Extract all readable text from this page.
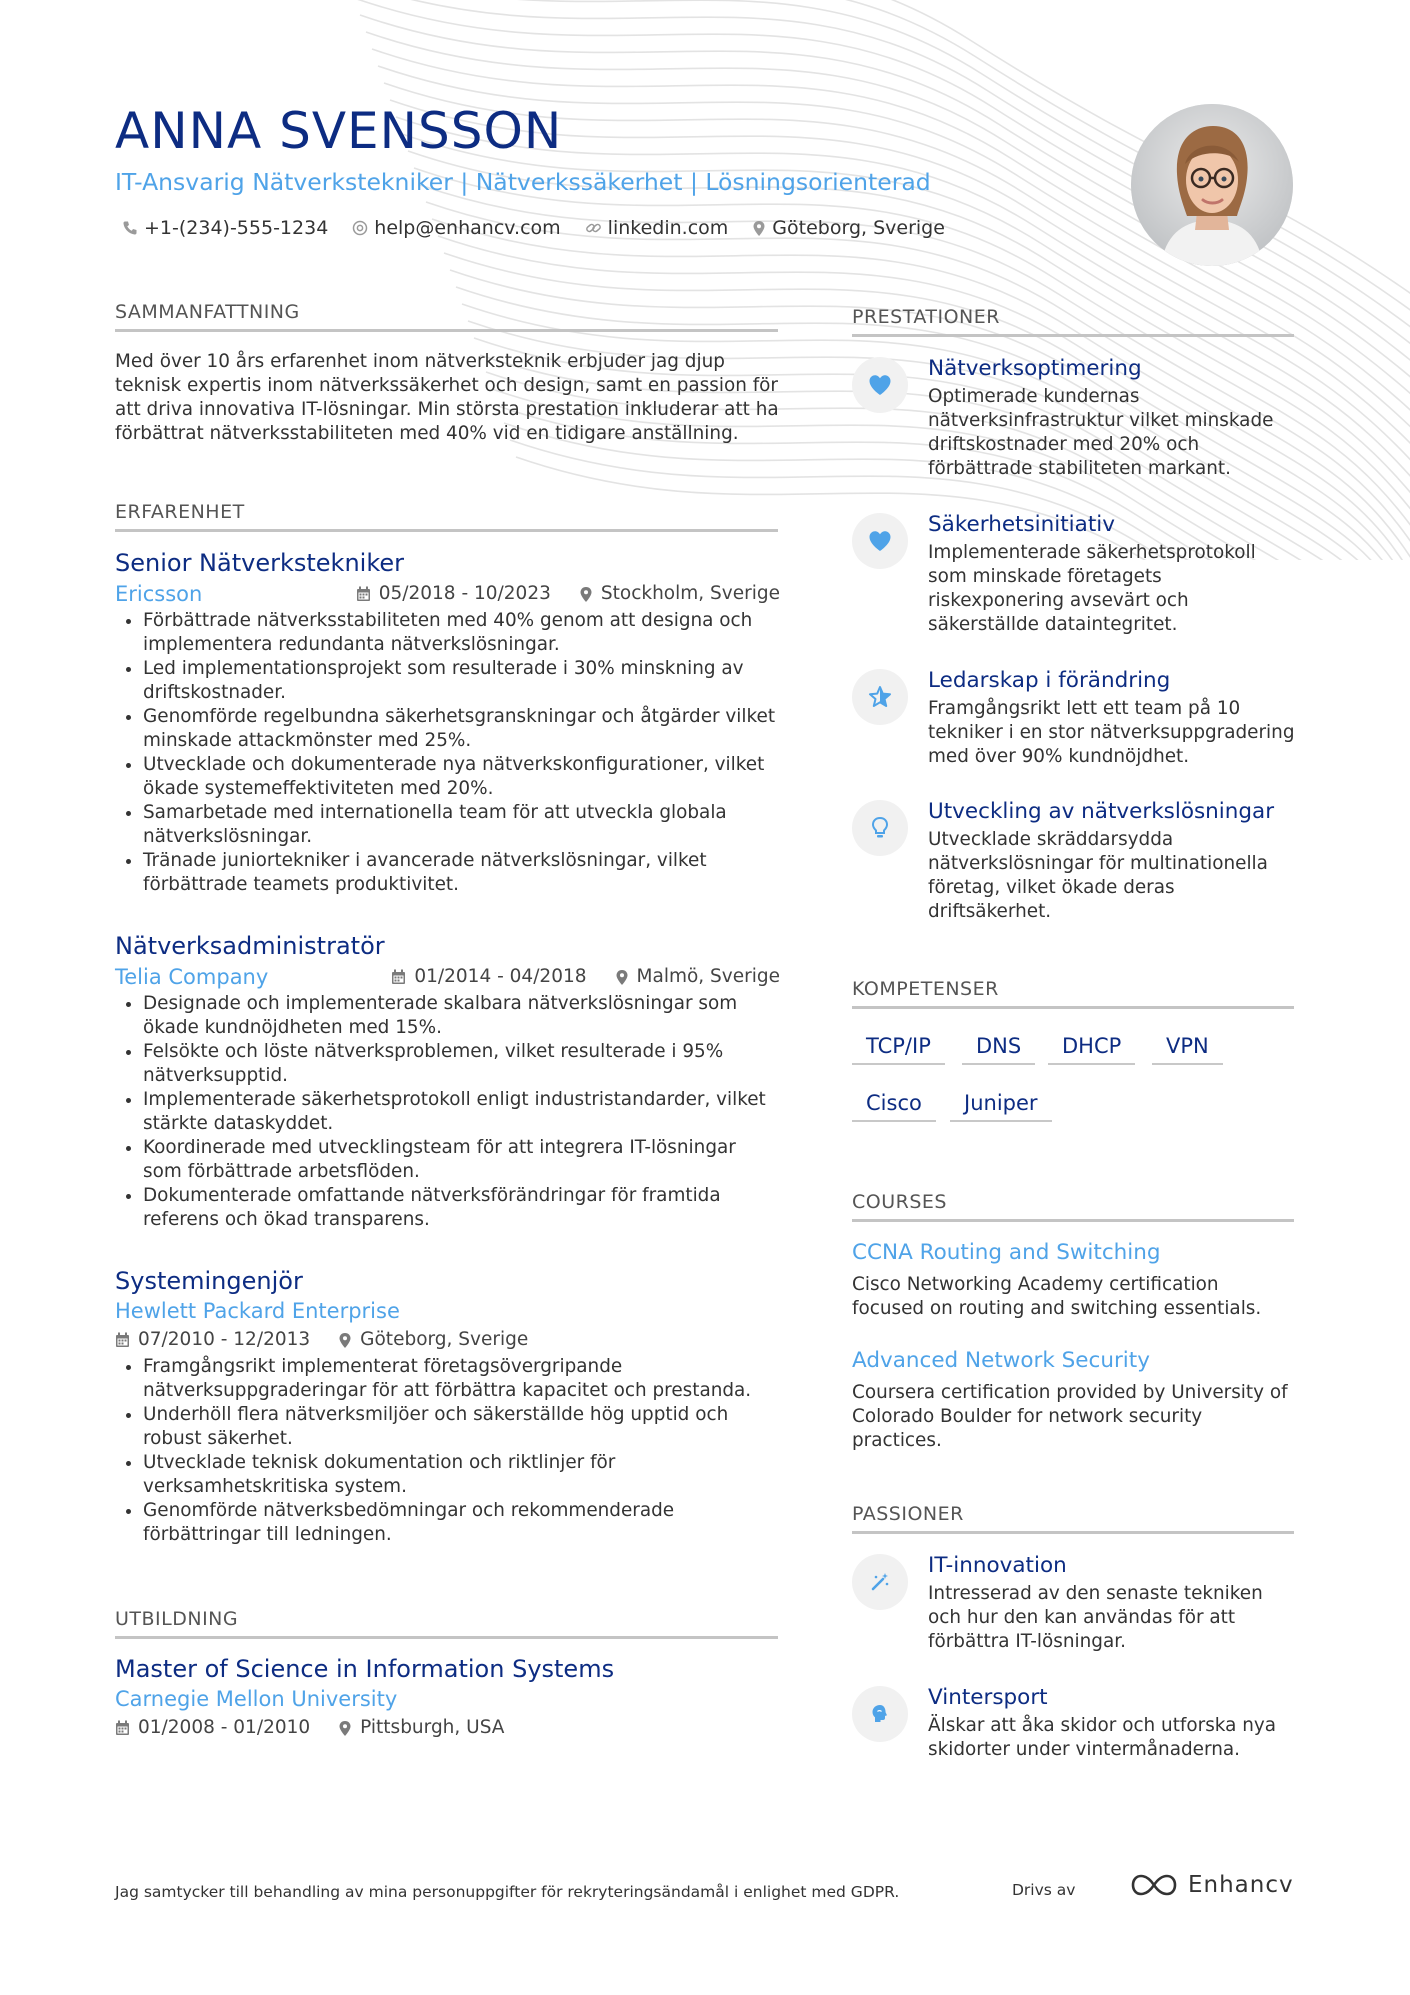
ANNA SVENSSON
IT-Ansvarig Nätverkstekniker | Nätverkssäkerhet | Lösningsorienterad
+1-(234)-555-1234 help@enhancv.com linkedin.com Göteborg, Sverige
SAMMANFATTNING
Med över 10 års erfarenhet inom nätverksteknik erbjuder jag djup teknisk expertis inom nätverkssäkerhet och design, samt en passion för att driva innovativa IT-lösningar. Min största prestation inkluderar att ha förbättrat nätverksstabiliteten med 40% vid en tidigare anställning.
ERFARENHET
Senior Nätverkstekniker
Ericsson	05/2018 - 10/2023	Stockholm, Sverige
• Förbättrade nätverksstabiliteten med 40% genom att designa och implementera redundanta nätverkslösningar.
• Led implementationsprojekt som resulterade i 30% minskning av driftskostnader.
• Genomförde regelbundna säkerhetsgranskningar och åtgärder vilket minskade attackmönster med 25%.
• Utvecklade och dokumenterade nya nätverkskonfigurationer, vilket ökade systemeffektiviteten med 20%.
• Samarbetade med internationella team för att utveckla globala nätverkslösningar.
• Tränade juniortekniker i avancerade nätverkslösningar, vilket förbättrade teamets produktivitet.
Nätverksadministratör
Telia Company	01/2014 - 04/2018	Malmö, Sverige
• Designade och implementerade skalbara nätverkslösningar som ökade kundnöjdheten med 15%.
• Felsökte och löste nätverksproblemen, vilket resulterade i 95% nätverksupptid.
• Implementerade säkerhetsprotokoll enligt industristandarder, vilket stärkte dataskyddet.
• Koordinerade med utvecklingsteam för att integrera IT-lösningar som förbättrade arbetsflöden.
• Dokumenterade omfattande nätverksförändringar för framtida referens och ökad transparens.
Systemingenjör
Hewlett Packard Enterprise
07/2010 - 12/2013	Göteborg, Sverige
• Framgångsrikt implementerat företagsövergripande nätverksuppgraderingar för att förbättra kapacitet och prestanda.
• Underhöll flera nätverksmiljöer och säkerställde hög upptid och robust säkerhet.
• Utvecklade teknisk dokumentation och riktlinjer för verksamhetskritiska system.
• Genomförde nätverksbedömningar och rekommenderade förbättringar till ledningen.
UTBILDNING
Master of Science in Information Systems
Carnegie Mellon University
01/2008 - 01/2010	Pittsburgh, USA
PRESTATIONER
Nätverksoptimering
Optimerade kundernas nätverksinfrastruktur vilket minskade driftskostnader med 20% och förbättrade stabiliteten markant.
Säkerhetsinitiativ
Implementerade säkerhetsprotokoll som minskade företagets riskexponering avsevärt och säkerställde dataintegritet.
Ledarskap i förändring
Framgångsrikt lett ett team på 10 tekniker i en stor nätverksuppgradering med över 90% kundnöjdhet.
Utveckling av nätverkslösningar
Utvecklade skräddarsydda nätverkslösningar för multinationella företag, vilket ökade deras driftsäkerhet.
KOMPETENSER
TCP/IP	DNS	DHCP	VPN
Cisco	Juniper
COURSES
CCNA Routing and Switching
Cisco Networking Academy certification focused on routing and switching essentials.
Advanced Network Security
Coursera certification provided by University of Colorado Boulder for network security practices.
PASSIONER
IT-innovation
Intresserad av den senaste tekniken och hur den kan användas för att förbättra IT-lösningar.
Vintersport
Älskar att åka skidor och utforska nya skidorter under vintermånaderna.
Jag samtycker till behandling av mina personuppgifter för rekryteringsändamål i enlighet med GDPR.	Drivs av	Enhancv
